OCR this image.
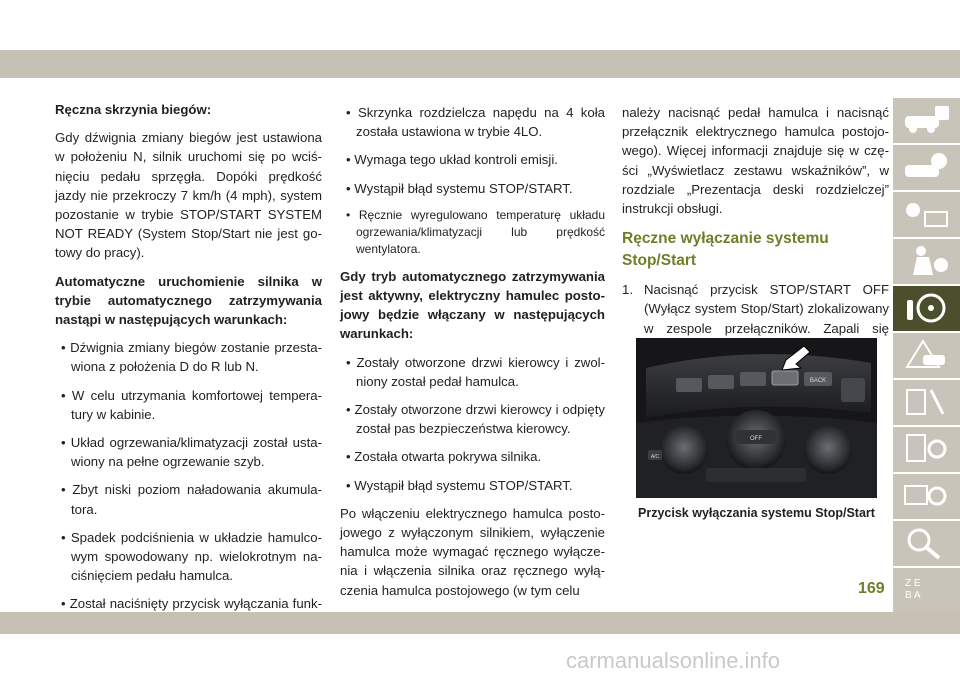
Ręczna skrzynia biegów:

Gdy dźwignia zmiany biegów jest ustawiona w położeniu N, silnik uruchomi się po wciśnięciu pedału sprzęgła. Dopóki prędkość jazdy nie przekroczy 7 km/h (4 mph), system pozostanie w trybie STOP/START SYSTEM NOT READY (System Stop/Start nie jest gotowy do pracy).

Automatyczne uruchomienie silnika w trybie automatycznego zatrzymywania nastąpi w następujących warunkach:

• Dźwignia zmiany biegów zostanie przestawiona z położenia D do R lub N.
• W celu utrzymania komfortowej temperatury w kabinie.
• Układ ogrzewania/klimatyzacji został ustawiony na pełne ogrzewanie szyb.
• Zbyt niski poziom naładowania akumulatora.
• Spadek podciśnienia w układzie hamulcowym spowodowany np. wielokrotnym naciśnięciem pedału hamulca.
• Został naciśnięty przycisk wyłączania funk
• Skrzynka rozdzielcza napędu na 4 koła została ustawiona w trybie 4LO.
• Wymaga tego układ kontroli emisji.
• Wystąpił błąd systemu STOP/START.
• Ręcznie wyregulowano temperaturę układu ogrzewania/klimatyzacji lub prędkość wentylatora.

Gdy tryb automatycznego zatrzymywania jest aktywny, elektryczny hamulec postojowy będzie włączany w następujących warunkach:

• Zostały otworzone drzwi kierowcy i zwolniony został pedał hamulca.
• Zostały otworzone drzwi kierowcy i odpięty został pas bezpieczeństwa kierowcy.
• Została otwarta pokrywa silnika.
• Wystąpił błąd systemu STOP/START.

Po włączeniu elektrycznego hamulca postojowego z wyłączonym silnikiem, wyłączenie hamulca może wymagać ręcznego wyłączenia i włączenia silnika oraz ręcznego wyłączenia hamulca postojowego (w tym celu

należy nacisnąć pedał hamulca i nacisnąć przełącznik elektrycznego hamulca postojowego). Więcej informacji znajduje się w części „Wyświetlacz zestawu wskaźników”, w rozdziale „Prezentacja deski rozdzielczej” instrukcji obsługi.

Ręczne wyłączanie systemu Stop/Start
1. Nacisnąć przycisk STOP/START OFF (Wyłącz system Stop/Start) zlokalizowany w zespole przełączników. Zapali się
BACK
OFF
A/C
Przycisk wyłączania systemu Stop/Start
Z E
B A
169
carmanualsonline.info
